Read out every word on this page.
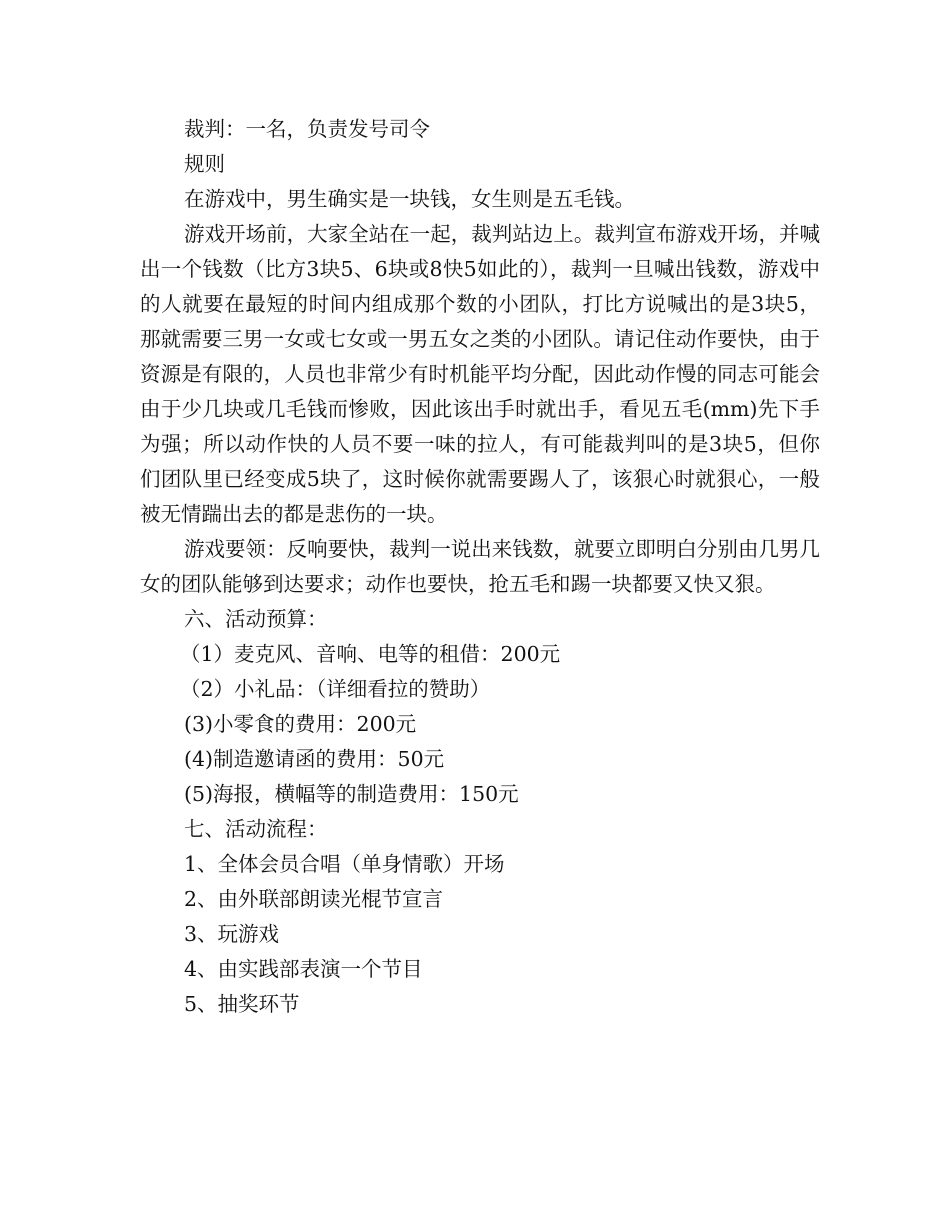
裁判：一名，负责发号司令

规则

在游戏中，男生确实是一块钱，女生则是五毛钱。

游戏开场前，大家全站在一起，裁判站边上。裁判宣布游戏开场，并喊出一个钱数（比方3块5、6块或8快5如此的），裁判一旦喊出钱数，游戏中的人就要在最短的时间内组成那个数的小团队，打比方说喊出的是3块5，那就需要三男一女或七女或一男五女之类的小团队。请记住动作要快，由于资源是有限的，人员也非常少有时机能平均分配，因此动作慢的同志可能会由于少几块或几毛钱而惨败，因此该出手时就出手，看见五毛(mm)先下手为强；所以动作快的人员不要一味的拉人，有可能裁判叫的是3块5，但你们团队里已经变成5块了，这时候你就需要踢人了，该狠心时就狠心，一般被无情踹出去的都是悲伤的一块。

游戏要领：反响要快，裁判一说出来钱数，就要立即明白分别由几男几女的团队能够到达要求；动作也要快，抢五毛和踢一块都要又快又狠。

六、活动预算：

（1）麦克风、音响、电等的租借：200元

（2）小礼品：（详细看拉的赞助）

(3)小零食的费用：200元

(4)制造邀请函的费用：50元

(5)海报，横幅等的制造费用：150元

七、活动流程：

1、全体会员合唱（单身情歌）开场

2、由外联部朗读光棍节宣言

3、玩游戏

4、由实践部表演一个节目

5、抽奖环节
